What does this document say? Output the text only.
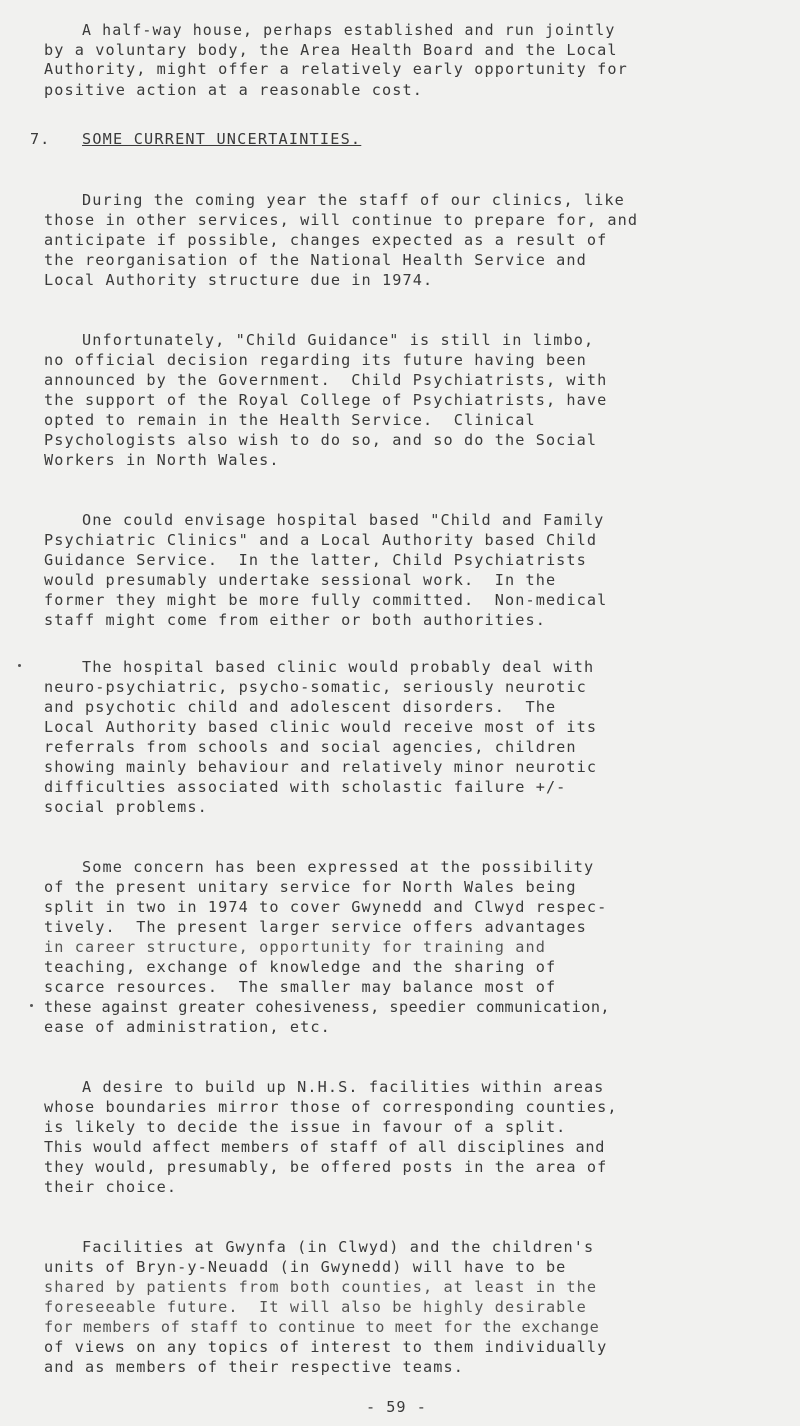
A half-way house, perhaps established and run jointly
by a voluntary body, the Area Health Board and the Local
Authority, might offer a relatively early opportunity for
positive action at a reasonable cost.
7. SOME CURRENT UNCERTAINTIES.
During the coming year the staff of our clinics, like
those in other services, will continue to prepare for, and
anticipate if possible, changes expected as a result of
the reorganisation of the National Health Service and
Local Authority structure due in 1974.
Unfortunately, "Child Guidance" is still in limbo,
no official decision regarding its future having been
announced by the Government.  Child Psychiatrists, with
the support of the Royal College of Psychiatrists, have
opted to remain in the Health Service.  Clinical
Psychologists also wish to do so, and so do the Social
Workers in North Wales.
One could envisage hospital based "Child and Family
Psychiatric Clinics" and a Local Authority based Child
Guidance Service.  In the latter, Child Psychiatrists
would presumably undertake sessional work.  In the
former they might be more fully committed.  Non-medical
staff might come from either or both authorities.
The hospital based clinic would probably deal with
neuro-psychiatric, psycho-somatic, seriously neurotic
and psychotic child and adolescent disorders.  The
Local Authority based clinic would receive most of its
referrals from schools and social agencies, children
showing mainly behaviour and relatively minor neurotic
difficulties associated with scholastic failure +/-
social problems.
Some concern has been expressed at the possibility
of the present unitary service for North Wales being
split in two in 1974 to cover Gwynedd and Clwyd respec-
tively.  The present larger service offers advantages
in career structure, opportunity for training and
teaching, exchange of knowledge and the sharing of
scarce resources.  The smaller may balance most of
these against greater cohesiveness, speedier communication,
ease of administration, etc.
A desire to build up N.H.S. facilities within areas
whose boundaries mirror those of corresponding counties,
is likely to decide the issue in favour of a split.
This would affect members of staff of all disciplines and
they would, presumably, be offered posts in the area of
their choice.
Facilities at Gwynfa (in Clwyd) and the children's
units of Bryn-y-Neuadd (in Gwynedd) will have to be
shared by patients from both counties, at least in the
foreseeable future.  It will also be highly desirable
for members of staff to continue to meet for the exchange
of views on any topics of interest to them individually
and as members of their respective teams.
- 59 -
